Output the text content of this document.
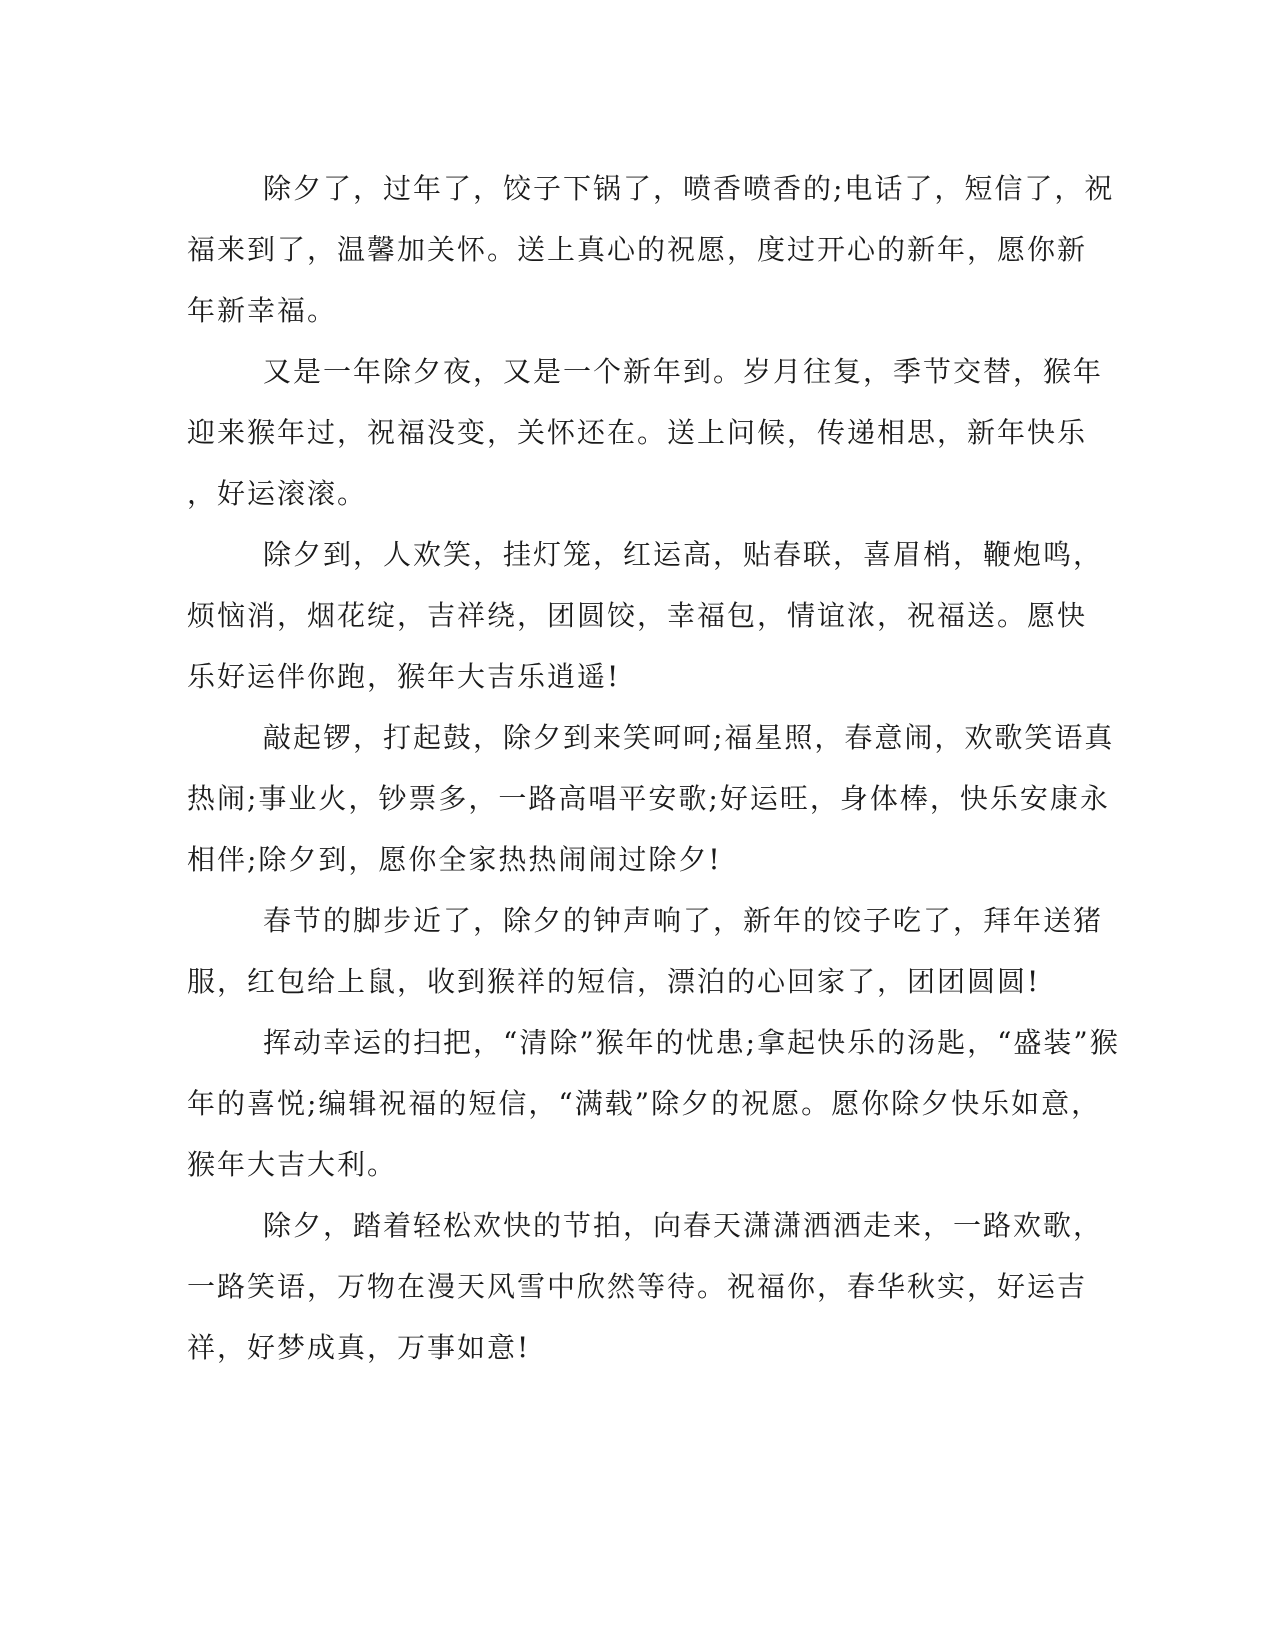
除夕了，过年了，饺子下锅了，喷香喷香的;电话了，短信了，祝
福来到了，温馨加关怀。送上真心的祝愿，度过开心的新年，愿你新
年新幸福。
又是一年除夕夜，又是一个新年到。岁月往复，季节交替，猴年
迎来猴年过，祝福没变，关怀还在。送上问候，传递相思，新年快乐
，好运滚滚。
除夕到，人欢笑，挂灯笼，红运高，贴春联，喜眉梢，鞭炮鸣，
烦恼消，烟花绽，吉祥绕，团圆饺，幸福包，情谊浓，祝福送。愿快
乐好运伴你跑，猴年大吉乐逍遥!
敲起锣，打起鼓，除夕到来笑呵呵;福星照，春意闹，欢歌笑语真
热闹;事业火，钞票多，一路高唱平安歌;好运旺，身体棒，快乐安康永
相伴;除夕到，愿你全家热热闹闹过除夕!
春节的脚步近了，除夕的钟声响了，新年的饺子吃了，拜年送猪
服，红包给上鼠，收到猴祥的短信，漂泊的心回家了，团团圆圆!
挥动幸运的扫把，“清除”猴年的忧患;拿起快乐的汤匙，“盛装”猴
年的喜悦;编辑祝福的短信，“满载”除夕的祝愿。愿你除夕快乐如意，
猴年大吉大利。
除夕，踏着轻松欢快的节拍，向春天潇潇洒洒走来，一路欢歌，
一路笑语，万物在漫天风雪中欣然等待。祝福你，春华秋实，好运吉
祥，好梦成真，万事如意!
